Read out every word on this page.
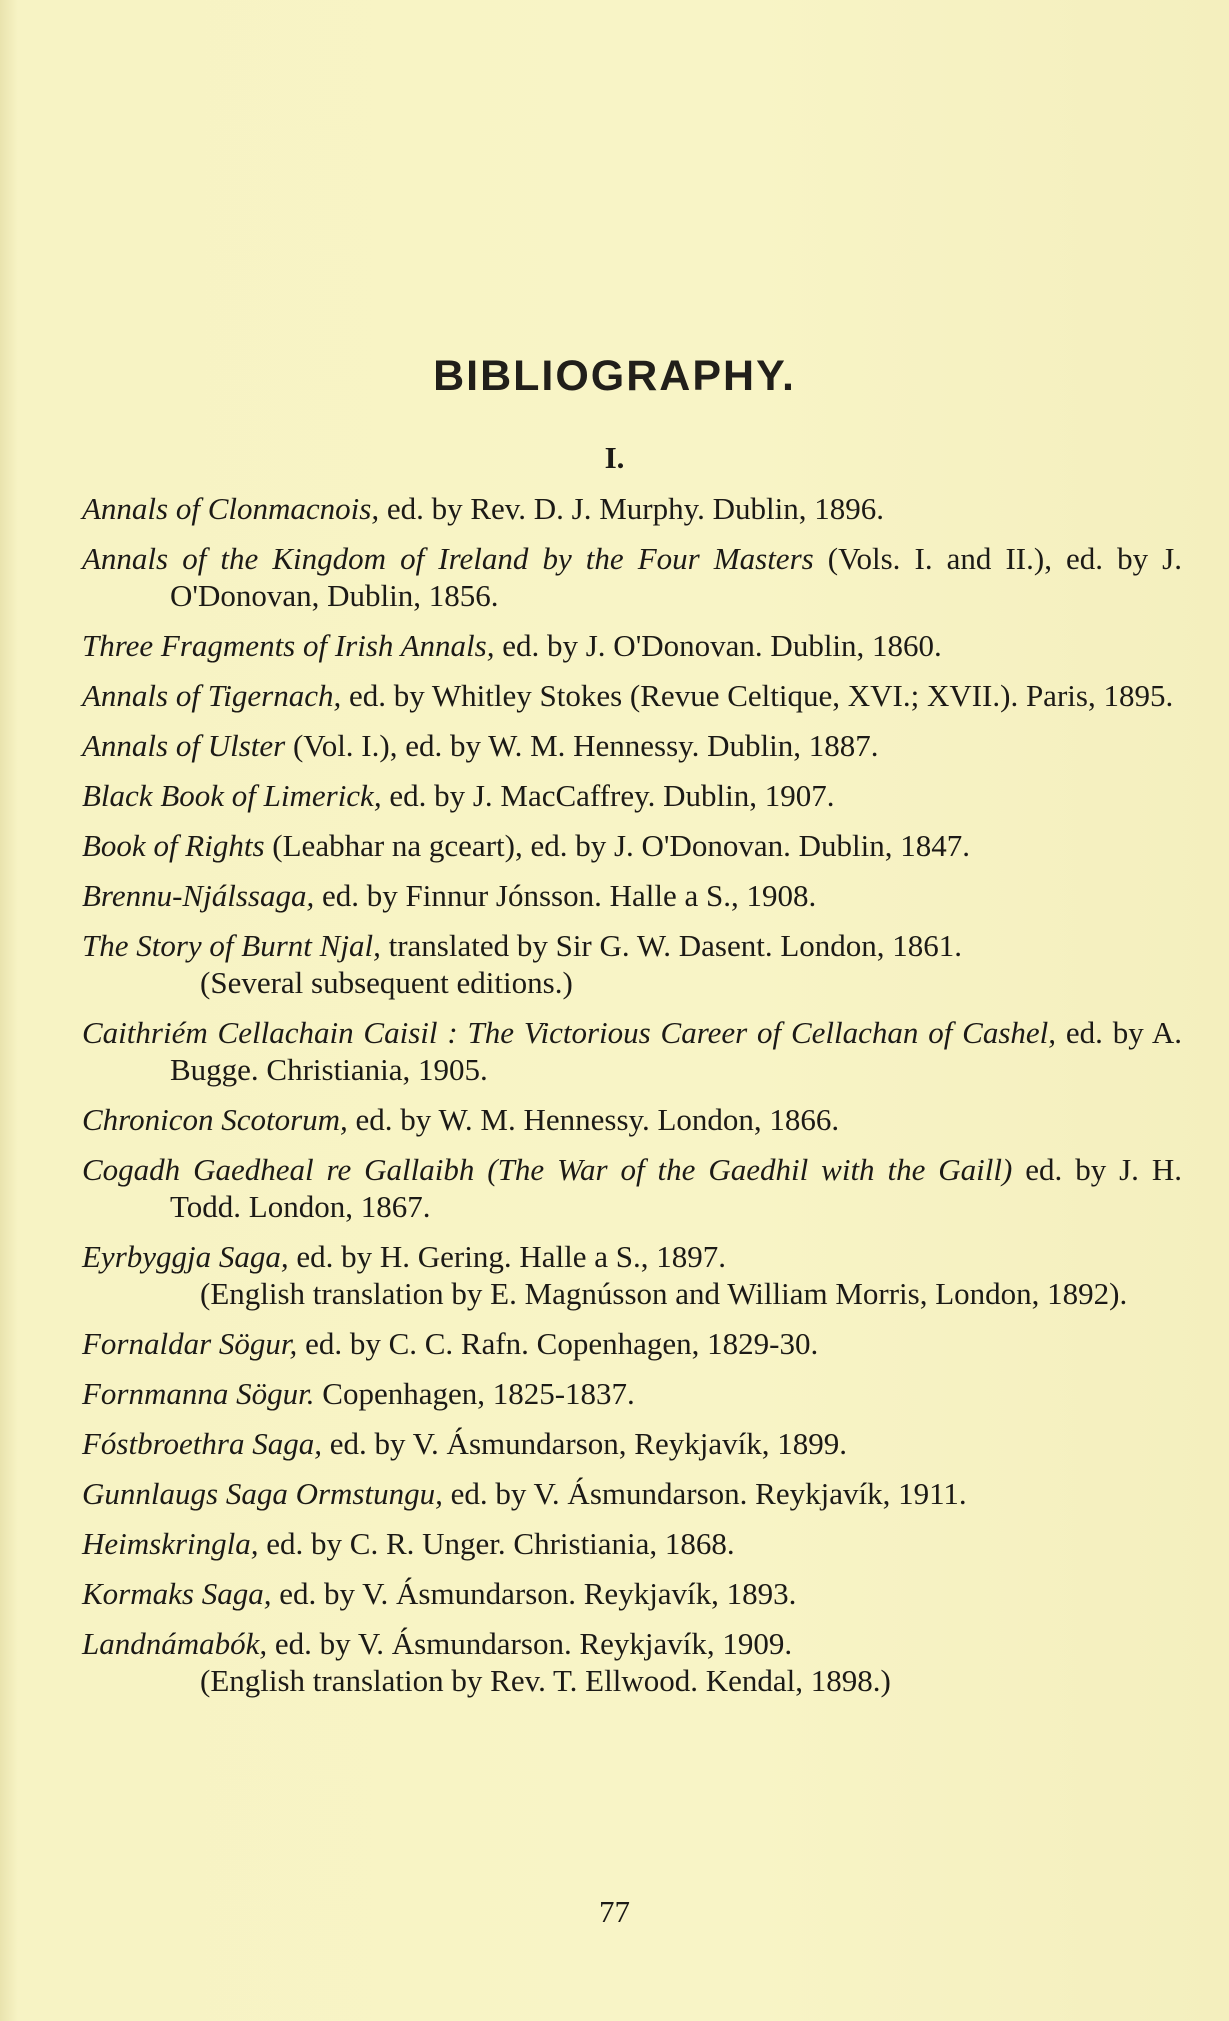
BIBLIOGRAPHY.
I.
Annals of Clonmacnois, ed. by Rev. D. J. Murphy. Dublin, 1896.
Annals of the Kingdom of Ireland by the Four Masters (Vols. I. and II.), ed. by J. O'Donovan, Dublin, 1856.
Three Fragments of Irish Annals, ed. by J. O'Donovan. Dublin, 1860.
Annals of Tigernach, ed. by Whitley Stokes (Revue Celtique, XVI.; XVII.). Paris, 1895.
Annals of Ulster (Vol. I.), ed. by W. M. Hennessy. Dublin, 1887.
Black Book of Limerick, ed. by J. MacCaffrey. Dublin, 1907.
Book of Rights (Leabhar na gceart), ed. by J. O'Donovan. Dublin, 1847.
Brennu-Njálssaga, ed. by Finnur Jónsson. Halle a S., 1908.
The Story of Burnt Njal, translated by Sir G. W. Dasent. London, 1861.
(Several subsequent editions.)
Caithriém Cellachain Caisil : The Victorious Career of Cellachan of Cashel, ed. by A. Bugge. Christiania, 1905.
Chronicon Scotorum, ed. by W. M. Hennessy. London, 1866.
Cogadh Gaedheal re Gallaibh (The War of the Gaedhil with the Gaill) ed. by J. H. Todd. London, 1867.
Eyrbyggja Saga, ed. by H. Gering. Halle a S., 1897.
(English translation by E. Magnússon and William Morris, London, 1892).
Fornaldar Sögur, ed. by C. C. Rafn. Copenhagen, 1829-30.
Fornmanna Sögur. Copenhagen, 1825-1837.
Fóstbroethra Saga, ed. by V. Ásmundarson, Reykjavík, 1899.
Gunnlaugs Saga Ormstungu, ed. by V. Ásmundarson. Reykjavík, 1911.
Heimskringla, ed. by C. R. Unger. Christiania, 1868.
Kormaks Saga, ed. by V. Ásmundarson. Reykjavík, 1893.
Landnámabók, ed. by V. Ásmundarson. Reykjavík, 1909.
(English translation by Rev. T. Ellwood. Kendal, 1898.)
77
